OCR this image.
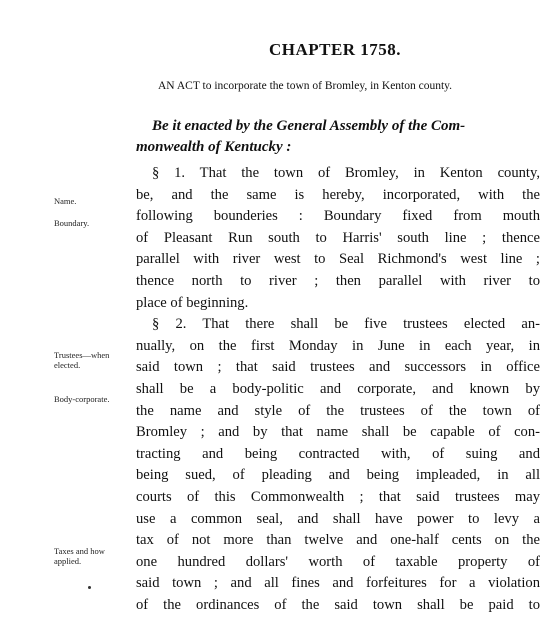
CHAPTER 1758.
AN ACT to incorporate the town of Bromley, in Kenton county.
Be it enacted by the General Assembly of the Com-
monwealth of Kentucky :
§ 1. That the town of Bromley, in Kenton county,
be, and the same is hereby, incorporated, with the
following bounderies : Boundary fixed from mouth
of Pleasant Run south to Harris' south line ; thence
parallel with river west to Seal Richmond's west line ;
thence north to river ; then parallel with river to
place of beginning.
§ 2. That there shall be five trustees elected an-
nually, on the first Monday in June in each year, in
said town ; that said trustees and successors in office
shall be a body-politic and corporate, and known by
the name and style of the trustees of the town of
Bromley ; and by that name shall be capable of con-
tracting and being contracted with, of suing and
being sued, of pleading and being impleaded, in all
courts of this Commonwealth ; that said trustees may
use a common seal, and shall have power to levy a
tax of not more than twelve and one-half cents on the
one hundred dollars' worth of taxable property of
said town ; and all fines and forfeitures for a violation
of the ordinances of the said town shall be paid to
Name.
Boundary.
Trustees—when
elected.
Body-corporate.
Taxes and how
applied.
